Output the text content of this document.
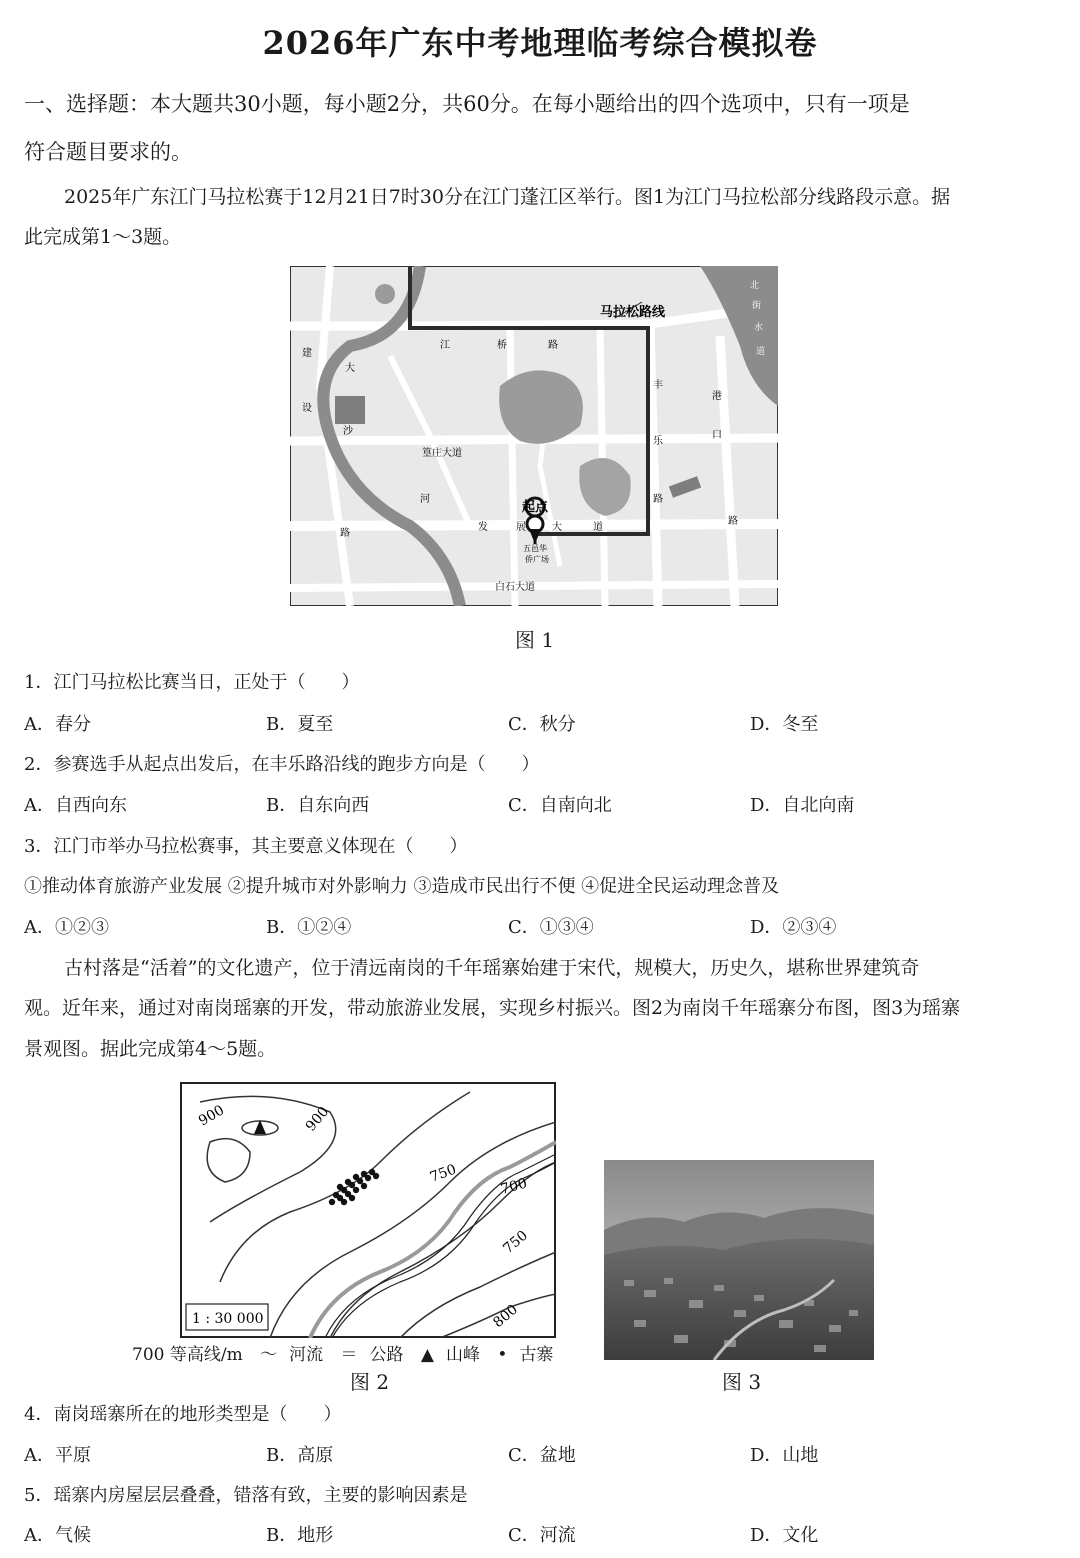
2026年广东中考地理临考综合模拟卷
一、选择题：本大题共30小题，每小题2分，共60分。在每小题给出的四个选项中，只有一项是
符合题目要求的。
2025年广东江门马拉松赛于12月21日7时30分在江门蓬江区举行。图1为江门马拉松部分线路段示意。据
此完成第1～3题。
马拉松路线
起点
江	桥	路
建
大
设
沙
篁庄大道
发	展	大	道
丰
乐
路
港
口
路
河
路
白石大道
北
街
水
道
五邑华
侨广场
图 1
1．江门马拉松比赛当日，正处于（　　）
A．春分	B．夏至	C．秋分	D．冬至
2．参赛选手从起点出发后，在丰乐路沿线的跑步方向是（　　）
A．自西向东	B．自东向西	C．自南向北	D．自北向南
3．江门市举办马拉松赛事，其主要意义体现在（　　）
①推动体育旅游产业发展 ②提升城市对外影响力 ③造成市民出行不便 ④促进全民运动理念普及
A．①②③	B．①②④	C．①③④	D．②③④
古村落是“活着”的文化遗产，位于清远南岗的千年瑶寨始建于宋代，规模大，历史久，堪称世界建筑奇
观。近年来，通过对南岗瑶寨的开发，带动旅游业发展，实现乡村振兴。图2为南岗千年瑶寨分布图，图3为瑶寨
景观图。据此完成第4～5题。
900	900
750
700
750
800
1 : 30 000
700 等高线/m ～ 河流 ＝ 公路 ▲ 山峰 • 古寨
图 2	图 3
4．南岗瑶寨所在的地形类型是（　　）
A．平原	B．高原	C．盆地	D．山地
5．瑶寨内房屋层层叠叠，错落有致，主要的影响因素是
A．气候	B．地形	C．河流	D．文化
